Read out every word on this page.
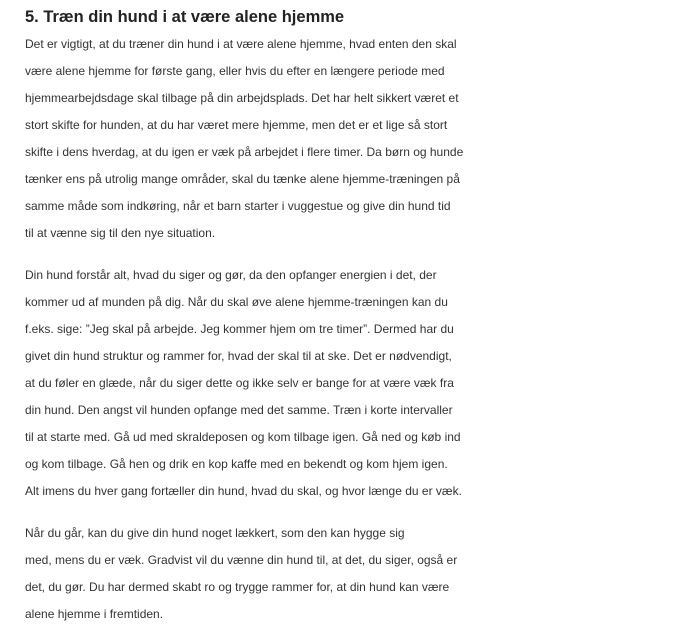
5. Træn din hund i at være alene hjemme

Det er vigtigt, at du træner din hund i at være alene hjemme, hvad enten den skal
være alene hjemme for første gang, eller hvis du efter en længere periode med
hjemmearbejdsdage skal tilbage på din arbejdsplads. Det har helt sikkert været et
stort skifte for hunden, at du har været mere hjemme, men det er et lige så stort
skifte i dens hverdag, at du igen er væk på arbejdet i flere timer. Da børn og hunde
tænker ens på utrolig mange områder, skal du tænke alene hjemme-træningen på
samme måde som indkøring, når et barn starter i vuggestue og give din hund tid
til at vænne sig til den nye situation.

Din hund forstår alt, hvad du siger og gør, da den opfanger energien i det, der
kommer ud af munden på dig. Når du skal øve alene hjemme-træningen kan du
f.eks. sige: ”Jeg skal på arbejde. Jeg kommer hjem om tre timer”. Dermed har du
givet din hund struktur og rammer for, hvad der skal til at ske. Det er nødvendigt,
at du føler en glæde, når du siger dette og ikke selv er bange for at være væk fra
din hund. Den angst vil hunden opfange med det samme. Træn i korte intervaller
til at starte med. Gå ud med skraldeposen og kom tilbage igen. Gå ned og køb ind
og kom tilbage. Gå hen og drik en kop kaffe med en bekendt og kom hjem igen.
Alt imens du hver gang fortæller din hund, hvad du skal, og hvor længe du er væk.

Når du går, kan du give din hund noget lækkert, som den kan hygge sig
med, mens du er væk. Gradvist vil du vænne din hund til, at det, du siger, også er
det, du gør. Du har dermed skabt ro og trygge rammer for, at din hund kan være
alene hjemme i fremtiden.
